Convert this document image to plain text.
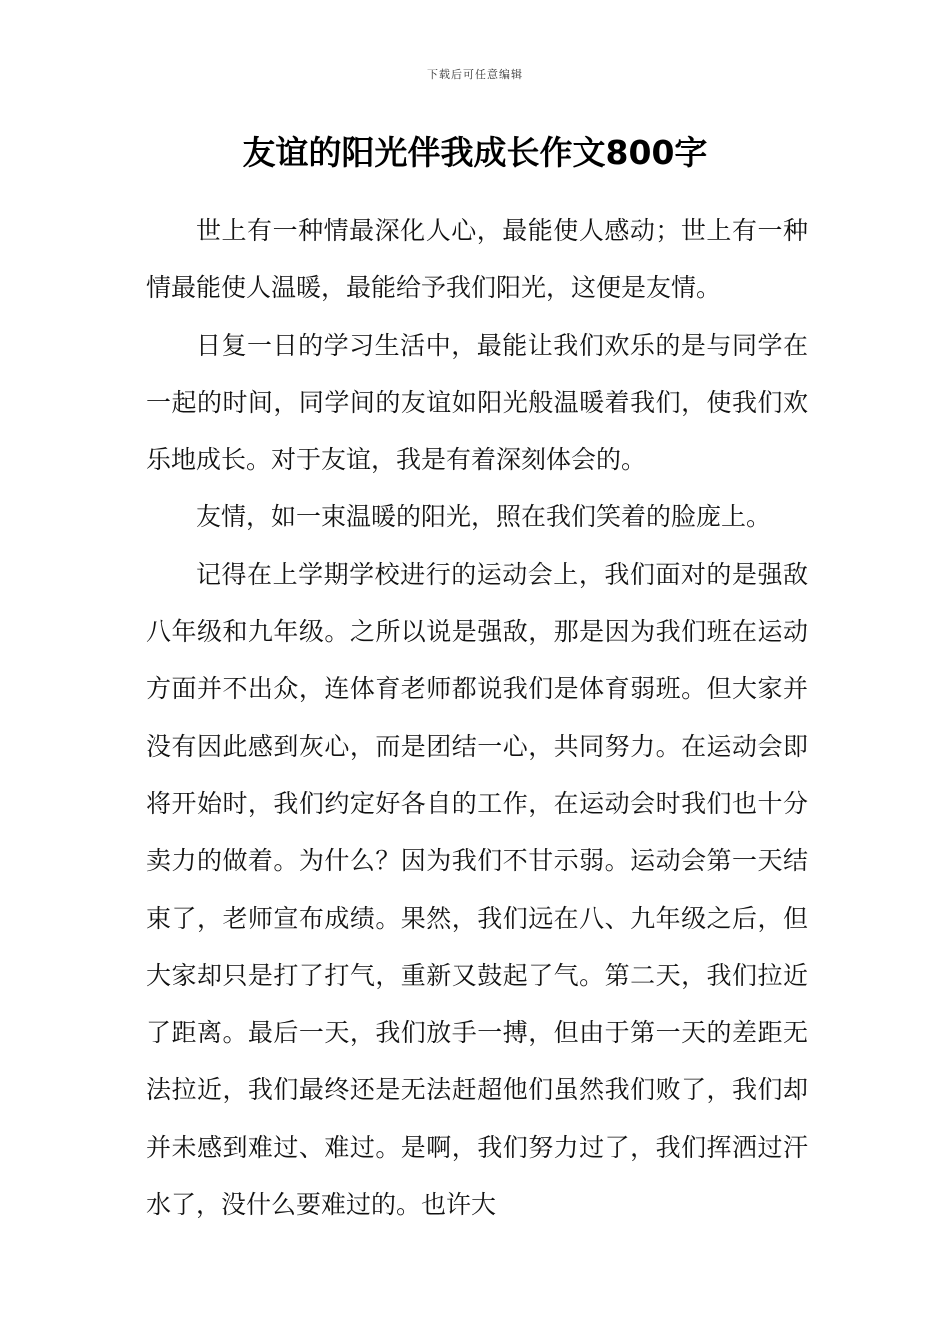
下载后可任意编辑
友谊的阳光伴我成长作文800字

世上有一种情最深化人心，最能使人感动；世上有一种情最能使人温暖，最能给予我们阳光，这便是友情。

日复一日的学习生活中，最能让我们欢乐的是与同学在一起的时间，同学间的友谊如阳光般温暖着我们，使我们欢乐地成长。对于友谊，我是有着深刻体会的。

友情，如一束温暖的阳光，照在我们笑着的脸庞上。

记得在上学期学校进行的运动会上，我们面对的是强敌八年级和九年级。之所以说是强敌，那是因为我们班在运动方面并不出众，连体育老师都说我们是体育弱班。但大家并没有因此感到灰心，而是团结一心，共同努力。在运动会即将开始时，我们约定好各自的工作，在运动会时我们也十分卖力的做着。为什么？因为我们不甘示弱。运动会第一天结束了，老师宣布成绩。果然，我们远在八、九年级之后，但大家却只是打了打气，重新又鼓起了气。第二天，我们拉近了距离。最后一天，我们放手一搏，但由于第一天的差距无法拉近，我们最终还是无法赶超他们虽然我们败了，我们却并未感到难过、难过。是啊，我们努力过了，我们挥洒过汗水了，没什么要难过的。也许大
